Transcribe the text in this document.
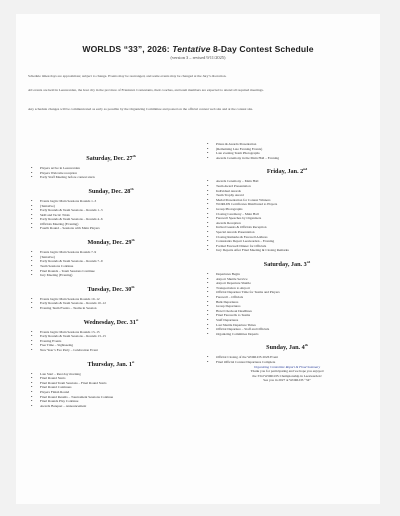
WORLDS “33”, 2026: Tentative 8-Day Contest Schedule
(version 3 – revised 9/11/2025)

Schedule times/days are approximate; subject to change. Events may be rearranged, and some events may be changed at the Jury’s discretion.

All events are held in Leeuwarden, the host city in the province of Friesland. Contestants, their coaches, and team members are expected to attend all required meetings.

Any schedule changes will be communicated as early as possible by the Organizing Committee and posted on the official contest web site and at the contest site.

Saturday, Dec. 27th
• Players arrive in Leeuwarden
• Players Welcome reception
• Early Staff Meeting before contest starts
Sunday, Dec. 28th
• Events begin: Main Sessions Rounds 1–3
• (Tentative)
• Early Rounds & Team Sessions – Rounds 1–3
• Skill and Tactic Trials
• Early Rounds & Team Sessions – Rounds 4–6
• Officials Meeting (Evening)
• Fourth Round – Sessions with Main Players
Monday, Dec. 29th
• Events begin: Main Sessions Rounds 7–9
• (Tentative)
• Early Rounds & Team Sessions – Rounds 7–9
• Team Sessions Continue
• Final Rounds – Team Sessions Continue
• Jury Meeting (Evening)
Tuesday, Dec. 30th
• Events begin: Main Sessions Rounds 10–12
• Early Rounds & Team Sessions – Rounds 10–12
• Evening Team Events – Teams in Session
Wednesday, Dec. 31st
• Events begin: Main Sessions Rounds 13–15
• Early Rounds & Team Sessions – Rounds 13–15
• Evening Events
• Free Time – Sightseeing
• New Year’s Eve Party – Celebration Event
Thursday, Jan. 1st
• Late Start – Rest day morning
• Final Round Starts
• Final Round Team Sessions – Final Round Starts
• Final Round Continues
• Players Finish Round
• Final Round Results – Tournament Sessions Continue
• Final Rounds Play Continue
• Awards Banquet – Announcement
• Prizes & Awards Presentation
• (Remaining Late Evening Events)
• Late evening Team Photographs
• Awards Ceremony in the Main Hall – Evening
Friday, Jan. 2nd
• Awards Ceremony – Main Hall
• Team Award Presentation
• Individual Awards
• Team Trophy Award
• Medal Presentation for Contest Winners
• WORLDS Certificates Distributed to Players
• Group Photographs
• Closing Ceremony – Main Hall
• Farewell Speeches by Organizers
• Awards Reception
• Invited Guests & Officials Reception
• Special Awards Presentation
• Closing Remarks & Farewell Address
• Contestants Depart Leeuwarden – Evening
• Formal Farewell Dinner for Officials
• Jury Departs After Final Meeting & Closing Remarks
Saturday, Jan. 3rd
• Departures Begin
• Airport Shuttle Service
• Airport Departure Shuttle
• Transportation to Airport
• Official Departure Time for Teams and Players
• Farewell – Officials
• Bulk Departures
• Group Departures
• Hotel Checkout Deadlines
• Final Farewells to Teams
• Staff Departures
• Last Shuttle Departure Times
• Official Departure – Staff and Officials
• Organizing Committee Departs
Sunday, Jan. 4th
• Official Closing of the WORLDS 2026 Event
• Final Official Contest Departures Complete

Organizing Committee Report & Final Summary

Thank you for participating and we hope you enjoyed

the 33rd WORLDS Championship in Leeuwarden!

See you in 2027 at WORLDS “34”
